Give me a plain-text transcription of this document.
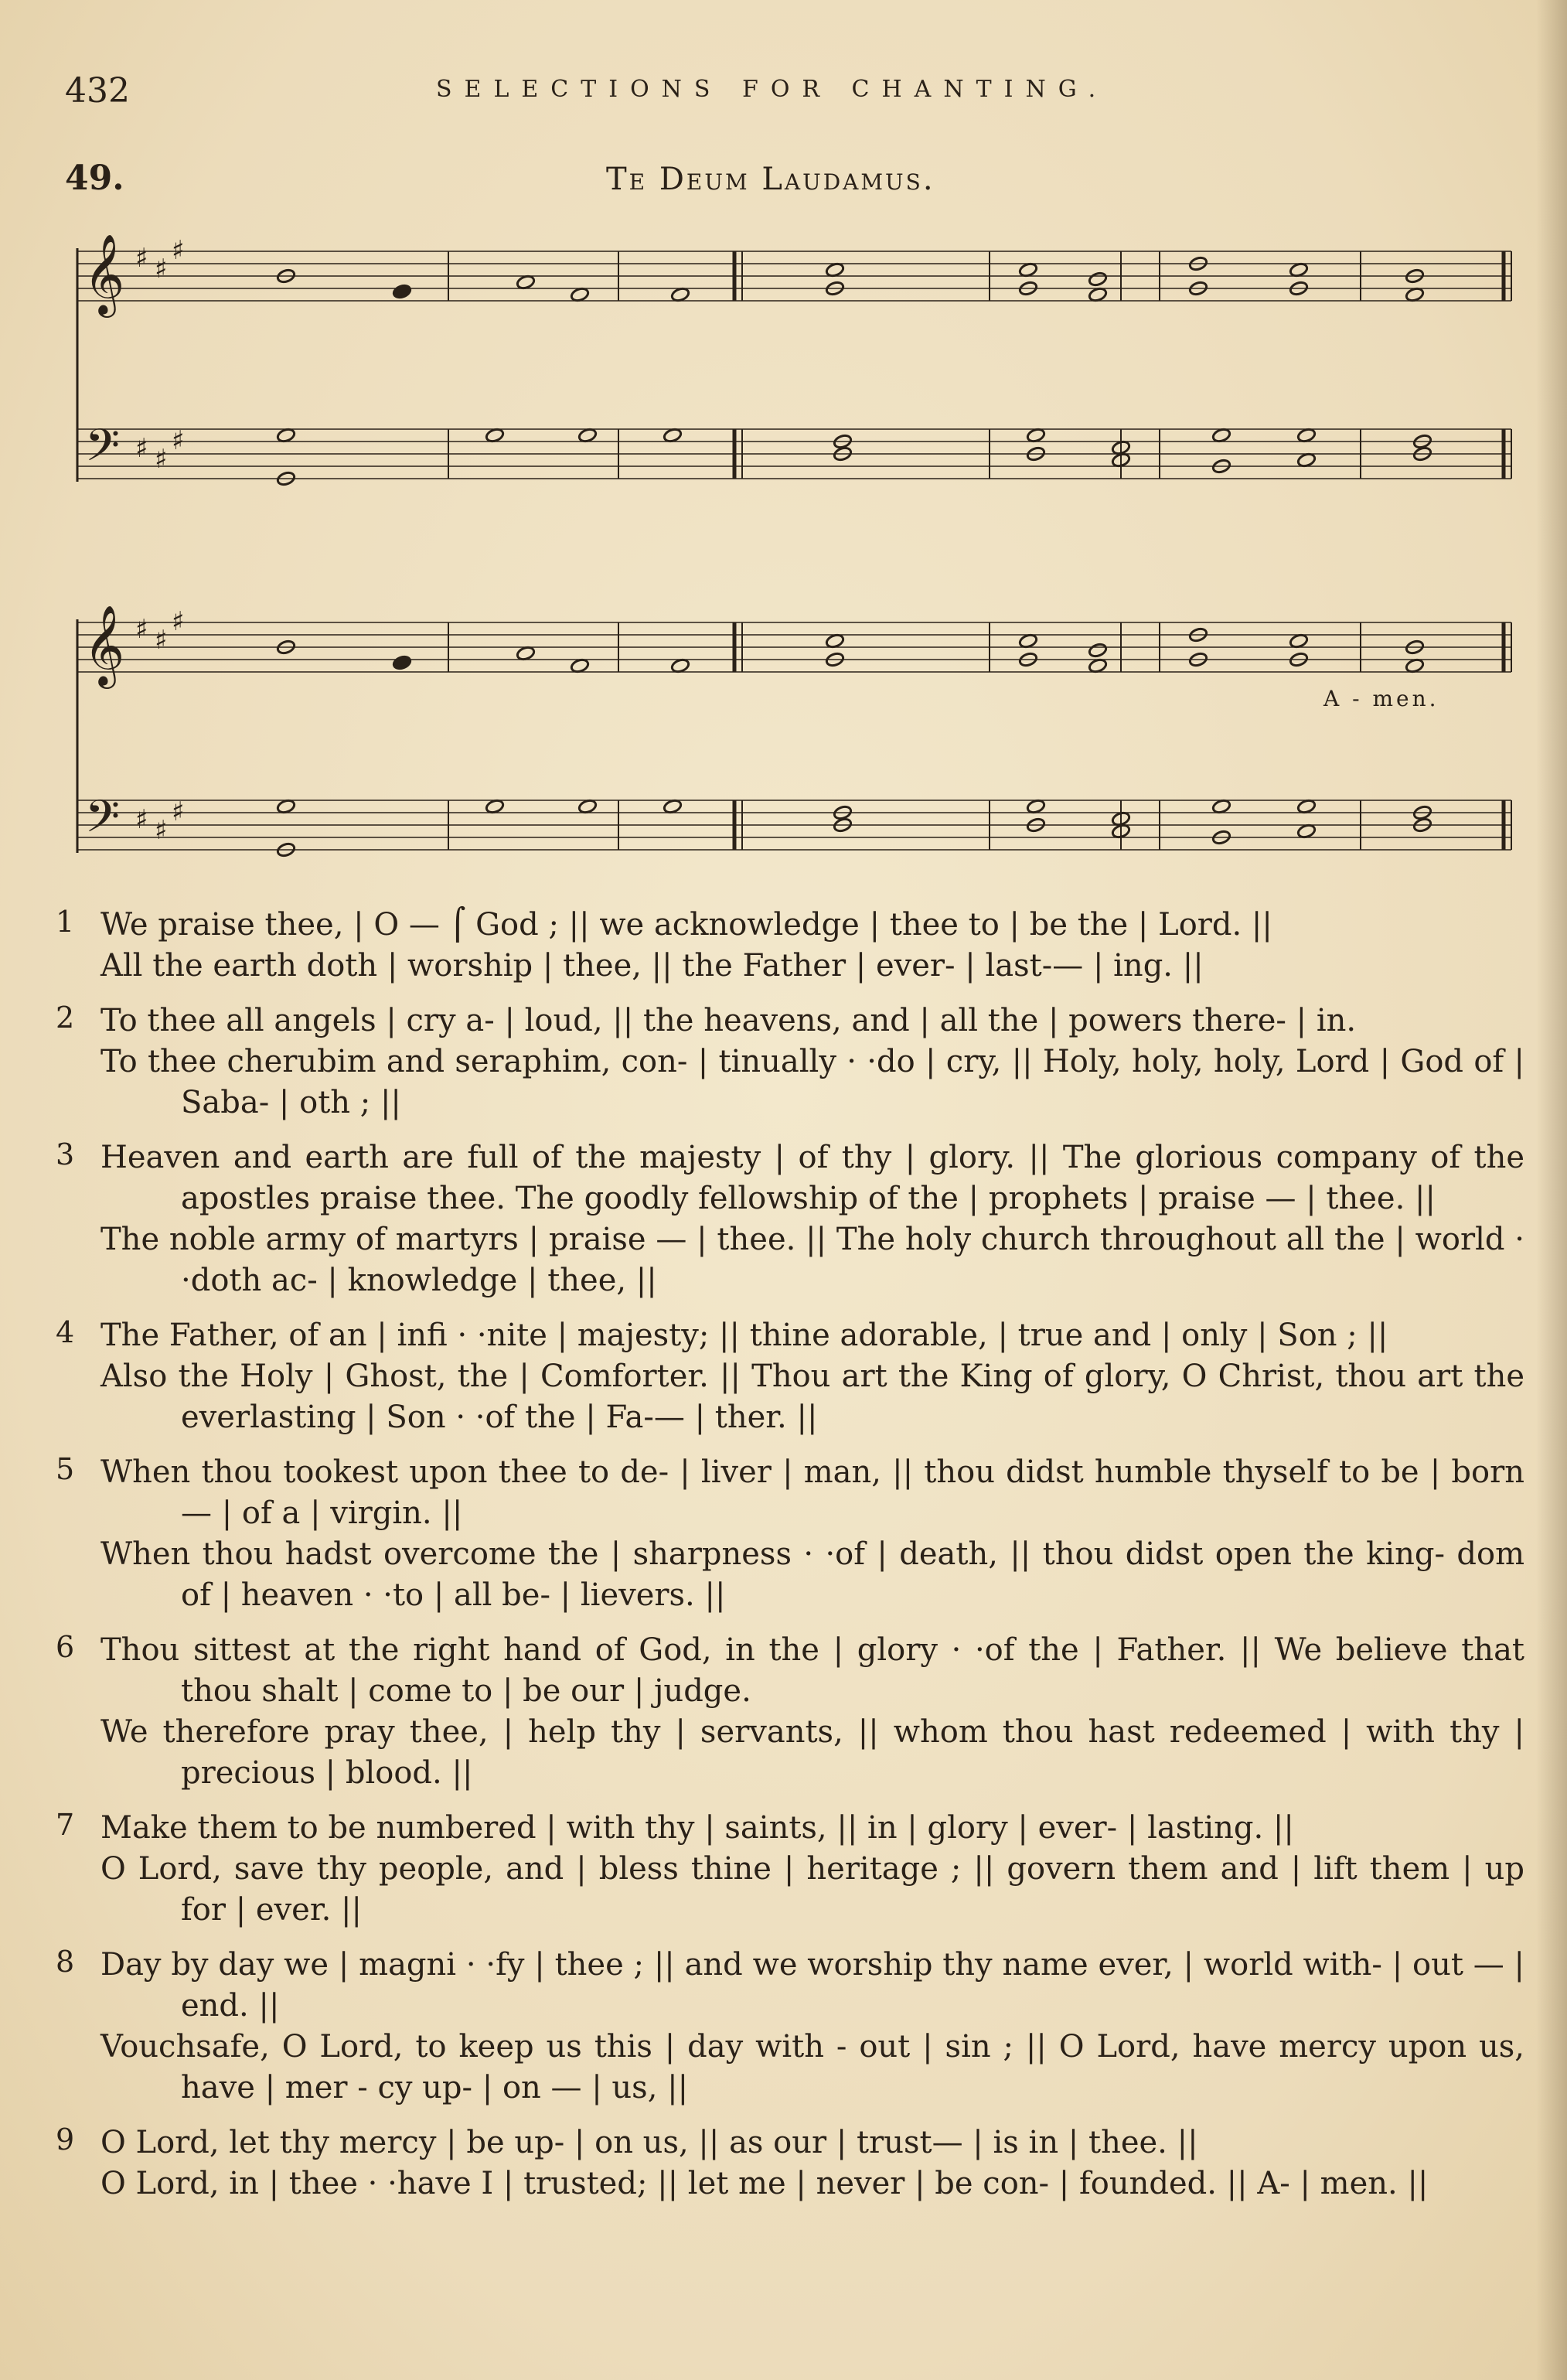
432	SELECTIONS FOR CHANTING.
49.	Te Deum Laudamus.
𝄞
𝄢
♯ ♯
♯
♯ ♯
♯
𝄞
𝄢
♯ ♯
♯
♯ ♯
♯
A - men.
1 We praise thee, | O — ⌠ God ; || we acknowledge | thee to | be the | Lord. ||
All the earth doth | worship | thee, || the Father | ever- | last-— | ing. ||
2 To thee all angels | cry a- | loud, || the heavens, and | all the | powers there- | in.
To thee cherubim and seraphim, con- | tinually · ·do | cry, || Holy, holy, holy, Lord | God of | Saba- | oth ; ||
3 Heaven and earth are full of the majesty | of thy | glory. || The glorious company of the apostles praise thee. The goodly fellowship of the | prophets | praise — | thee. ||
The noble army of martyrs | praise — | thee. || The holy church throughout all the | world · ·doth ac- | knowledge | thee, ||
4 The Father, of an | infi · ·nite | majesty; || thine adorable, | true and | only | Son ; ||
Also the Holy | Ghost, the | Comforter. || Thou art the King of glory, O Christ, thou art the everlasting | Son · ·of the | Fa-— | ther. ||
5 When thou tookest upon thee to de- | liver | man, || thou didst humble thyself to be | born — | of a | virgin. ||
When thou hadst overcome the | sharpness · ·of | death, || thou didst open the king- dom of | heaven · ·to | all be- | lievers. ||
6 Thou sittest at the right hand of God, in the | glory · ·of the | Father. || We believe that thou shalt | come to | be our | judge.
We therefore pray thee, | help thy | servants, || whom thou hast redeemed | with thy | precious | blood. ||
7 Make them to be numbered | with thy | saints, || in | glory | ever- | lasting. ||
O Lord, save thy people, and | bless thine | heritage ; || govern them and | lift them | up for | ever. ||
8 Day by day we | magni · ·fy | thee ; || and we worship thy name ever, | world with- | out — | end. ||
Vouchsafe, O Lord, to keep us this | day with - out | sin ; || O Lord, have mercy upon us, have | mer - cy up- | on — | us, ||
9 O Lord, let thy mercy | be up- | on us, || as our | trust— | is in | thee. ||
O Lord, in | thee · ·have I | trusted; || let me | never | be con- | founded. || A- | men. ||
